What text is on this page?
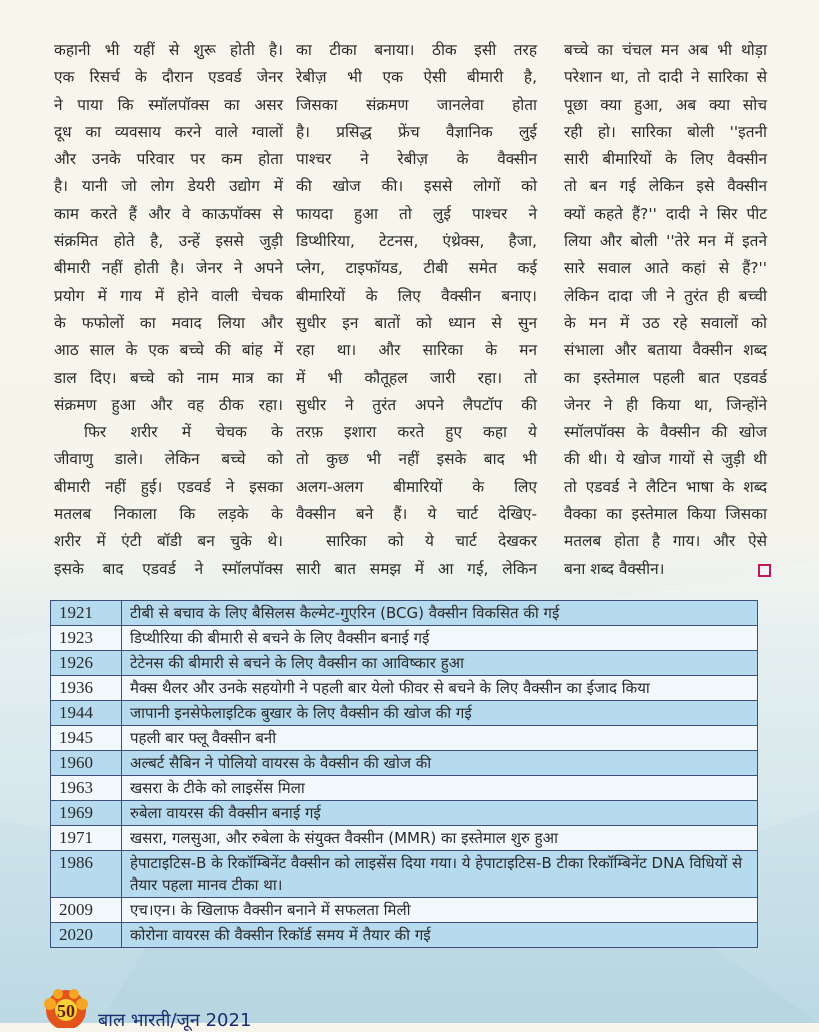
कहानी भी यहीं से शुरू होती है।
एक रिसर्च के दौरान एडवर्ड जेनर
ने पाया कि स्मॉलपॉक्स का असर
दूध का व्यवसाय करने वाले ग्वालों
और उनके परिवार पर कम होता
है। यानी जो लोग डेयरी उद्योग में
काम करते हैं और वे काऊपॉक्स से
संक्रमित होते है, उन्हें इससे जुड़ी
बीमारी नहीं होती है। जेनर ने अपने
प्रयोग में गाय में होने वाली चेचक
के फफोलों का मवाद लिया और
आठ साल के एक बच्चे की बांह में
डाल दिए। बच्चे को नाम मात्र का
संक्रमण हुआ और वह ठीक रहा।
फिर शरीर में चेचक के
जीवाणु डाले। लेकिन बच्चे को
बीमारी नहीं हुई। एडवर्ड ने इसका
मतलब निकाला कि लड़के के
शरीर में एंटी बॉडी बन चुके थे।
इसके बाद एडवर्ड ने स्मॉलपॉक्स
का टीका बनाया। ठीक इसी तरह
रेबीज़ भी एक ऐसी बीमारी है,
जिसका संक्रमण जानलेवा होता
है। प्रसिद्ध फ्रेंच वैज्ञानिक लुई
पाश्चर ने रेबीज़ के वैक्सीन
की खोज की। इससे लोगों को
फायदा हुआ तो लुई पाश्चर ने
डिप्थीरिया, टेटनस, एंथ्रेक्स, हैजा,
प्लेग, टाइफॉयड, टीबी समेत कई
बीमारियों के लिए वैक्सीन बनाए।
सुधीर इन बातों को ध्यान से सुन
रहा था। और सारिका के मन
में भी कौतूहल जारी रहा। तो
सुधीर ने तुरंत अपने लैपटॉप की
तरफ़ इशारा करते हुए कहा ये
तो कुछ भी नहीं इसके बाद भी
अलग-अलग बीमारियों के लिए
वैक्सीन बने हैं। ये चार्ट देखिए-
सारिका को ये चार्ट देखकर
सारी बात समझ में आ गई, लेकिन
बच्चे का चंचल मन अब भी थोड़ा
परेशान था, तो दादी ने सारिका से
पूछा क्या हुआ, अब क्या सोच
रही हो। सारिका बोली ''इतनी
सारी बीमारियों के लिए वैक्सीन
तो बन गई लेकिन इसे वैक्सीन
क्यों कहते हैं?'' दादी ने सिर पीट
लिया और बोली ''तेरे मन में इतने
सारे सवाल आते कहां से हैं?''
लेकिन दादा जी ने तुरंत ही बच्ची
के मन में उठ रहे सवालों को
संभाला और बताया वैक्सीन शब्द
का इस्तेमाल पहली बात एडवर्ड
जेनर ने ही किया था, जिन्होंने
स्मॉलपॉक्स के वैक्सीन की खोज
की थी। ये खोज गायों से जुड़ी थी
तो एडवर्ड ने लैटिन भाषा के शब्द
वैक्का का इस्तेमाल किया जिसका
मतलब होता है गाय। और ऐसे
बना शब्द वैक्सीन।
1921	टीबी से बचाव के लिए बैसिलस कैल्मेट-गुएरिन (BCG) वैक्सीन विकसित की गई
1923	डिप्थीरिया की बीमारी से बचने के लिए वैक्सीन बनाई गई
1926	टेटेनस की बीमारी से बचने के लिए वैक्सीन का आविष्कार हुआ
1936	मैक्स थैलर और उनके सहयोगी ने पहली बार येलो फीवर से बचने के लिए वैक्सीन का ईजाद किया
1944	जापानी इनसेफेलाइटिक बुखार के लिए वैक्सीन की खोज की गई
1945	पहली बार फ्लू वैक्सीन बनी
1960	अल्बर्ट सैबिन ने पोलियो वायरस के वैक्सीन की खोज की
1963	खसरा के टीके को लाइसेंस मिला
1969	रुबेला वायरस की वैक्सीन बनाई गई
1971	खसरा, गलसुआ, और रुबेला के संयुक्त वैक्सीन (MMR) का इस्तेमाल शुरु हुआ
1986	हेपाटाइटिस-B के रिकॉम्बिनेंट वैक्सीन को लाइसेंस दिया गया। ये हेपाटाइटिस-B टीका रिकॉम्बिनेंट DNA विधियों से तैयार पहला मानव टीका था।
2009	एच।एन। के खिलाफ वैक्सीन बनाने में सफलता मिली
2020	कोरोना वायरस की वैक्सीन रिकॉर्ड समय में तैयार की गई
50 बाल भारती/जून 2021
